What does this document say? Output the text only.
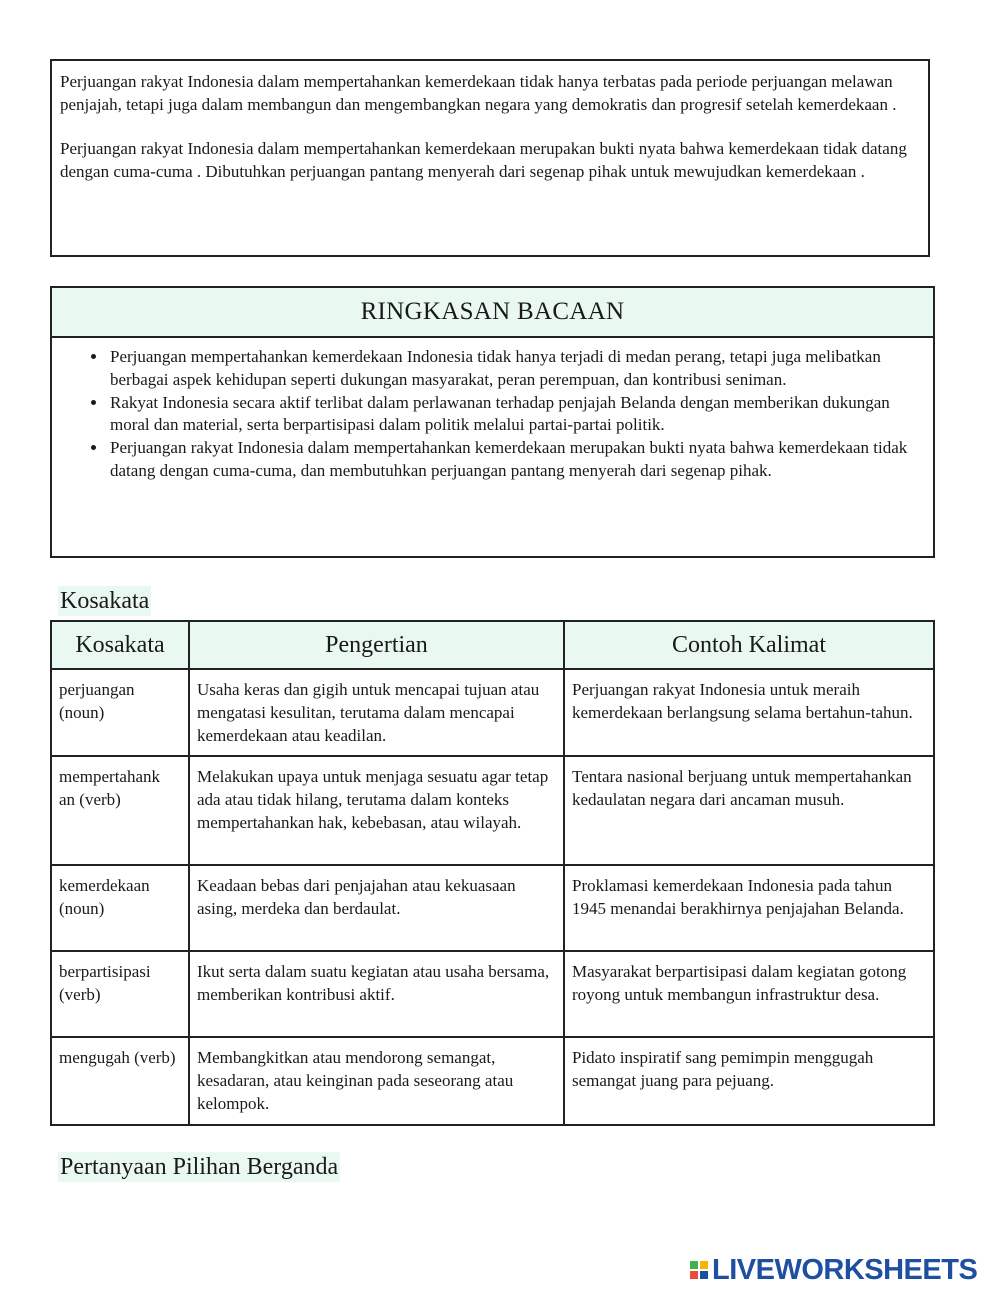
Perjuangan rakyat Indonesia dalam mempertahankan kemerdekaan tidak hanya terbatas pada periode perjuangan melawan penjajah, tetapi juga dalam membangun dan mengembangkan negara yang demokratis dan progresif setelah kemerdekaan .

Perjuangan rakyat Indonesia dalam mempertahankan kemerdekaan merupakan bukti nyata bahwa kemerdekaan tidak datang dengan cuma-cuma . Dibutuhkan perjuangan pantang menyerah dari segenap pihak untuk mewujudkan kemerdekaan .

RINGKASAN BACAAN
• Perjuangan mempertahankan kemerdekaan Indonesia tidak hanya terjadi di medan perang, tetapi juga melibatkan berbagai aspek kehidupan seperti dukungan masyarakat, peran perempuan, dan kontribusi seniman.
• Rakyat Indonesia secara aktif terlibat dalam perlawanan terhadap penjajah Belanda dengan memberikan dukungan moral dan material, serta berpartisipasi dalam politik melalui partai-partai politik.
• Perjuangan rakyat Indonesia dalam mempertahankan kemerdekaan merupakan bukti nyata bahwa kemerdekaan tidak datang dengan cuma-cuma, dan membutuhkan perjuangan pantang menyerah dari segenap pihak.
Kosakata
Kosakata	Pengertian	Contoh Kalimat
perjuangan (noun)	Usaha keras dan gigih untuk mencapai tujuan atau mengatasi kesulitan, terutama dalam mencapai kemerdekaan atau keadilan.	Perjuangan rakyat Indonesia untuk meraih kemerdekaan berlangsung selama bertahun-tahun.
mempertahank
an (verb)	Melakukan upaya untuk menjaga sesuatu agar tetap ada atau tidak hilang, terutama dalam konteks mempertahankan hak, kebebasan, atau wilayah.	Tentara nasional berjuang untuk mempertahankan kedaulatan negara dari ancaman musuh.
kemerdekaan (noun)	Keadaan bebas dari penjajahan atau kekuasaan asing, merdeka dan berdaulat.	Proklamasi kemerdekaan Indonesia pada tahun 1945 menandai berakhirnya penjajahan Belanda.
berpartisipasi (verb)	Ikut serta dalam suatu kegiatan atau usaha bersama, memberikan kontribusi aktif.	Masyarakat berpartisipasi dalam kegiatan gotong royong untuk membangun infrastruktur desa.
mengugah (verb)	Membangkitkan atau mendorong semangat, kesadaran, atau keinginan pada seseorang atau kelompok.	Pidato inspiratif sang pemimpin menggugah semangat juang para pejuang.
Pertanyaan Pilihan Berganda
LIVEWORKSHEETS
